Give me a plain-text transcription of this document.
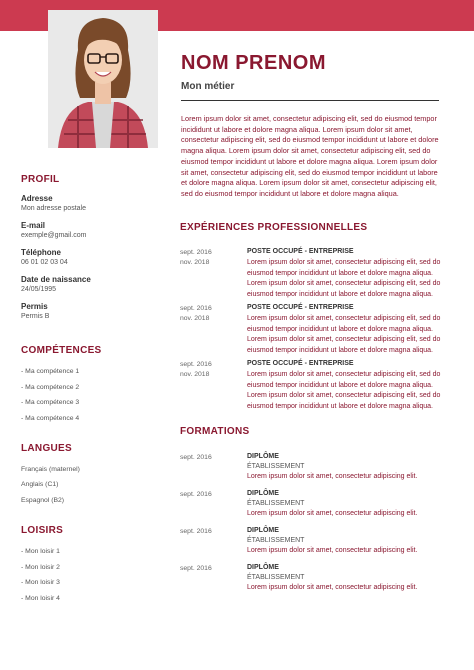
NOM PRENOM
Mon métier
Lorem ipsum dolor sit amet, consectetur adipiscing elit, sed do eiusmod tempor incididunt ut labore et dolore magna aliqua. Lorem ipsum dolor sit amet, consectetur adipiscing elit, sed do eiusmod tempor incididunt ut labore et dolore magna aliqua. Lorem ipsum dolor sit amet, consectetur adipiscing elit, sed do eiusmod tempor incididunt ut labore et dolore magna aliqua. Lorem ipsum dolor sit amet, consectetur adipiscing elit, sed do eiusmod tempor incididunt ut labore et dolore magna aliqua. Lorem ipsum dolor sit amet, consectetur adipiscing elit, sed do eiusmod tempor incididunt ut labore et dolore magna aliqua.
PROFIL
Adresse
Mon adresse postale
E-mail
exemple@gmail.com
Téléphone
06 01 02 03 04
Date de naissance
24/05/1995
Permis
Permis B
COMPÉTENCES
- Ma compétence 1
- Ma compétence 2
- Ma compétence 3
- Ma compétence 4
LANGUES
Français (maternel)
Anglais (C1)
Espagnol (B2)
LOISIRS
- Mon loisir 1
- Mon loisir 2
- Mon loisir 3
- Mon loisir 4
EXPÉRIENCES PROFESSIONNELLES
sept. 2016
nov. 2018
POSTE OCCUPÉ - ENTREPRISE
Lorem ipsum dolor sit amet, consectetur adipiscing elit, sed do eiusmod tempor incididunt ut labore et dolore magna aliqua. Lorem ipsum dolor sit amet, consectetur adipiscing elit, sed do eiusmod tempor incididunt ut labore et dolore magna aliqua.
sept. 2016
nov. 2018
POSTE OCCUPÉ - ENTREPRISE
Lorem ipsum dolor sit amet, consectetur adipiscing elit, sed do eiusmod tempor incididunt ut labore et dolore magna aliqua. Lorem ipsum dolor sit amet, consectetur adipiscing elit, sed do eiusmod tempor incididunt ut labore et dolore magna aliqua.
sept. 2016
nov. 2018
POSTE OCCUPÉ - ENTREPRISE
Lorem ipsum dolor sit amet, consectetur adipiscing elit, sed do eiusmod tempor incididunt ut labore et dolore magna aliqua. Lorem ipsum dolor sit amet, consectetur adipiscing elit, sed do eiusmod tempor incididunt ut labore et dolore magna aliqua.
FORMATIONS
sept. 2016	DIPLÔME
ÉTABLISSEMENT
Lorem ipsum dolor sit amet, consectetur adipiscing elit.
sept. 2016	DIPLÔME
ÉTABLISSEMENT
Lorem ipsum dolor sit amet, consectetur adipiscing elit.
sept. 2016	DIPLÔME
ÉTABLISSEMENT
Lorem ipsum dolor sit amet, consectetur adipiscing elit.
sept. 2016	DIPLÔME
ÉTABLISSEMENT
Lorem ipsum dolor sit amet, consectetur adipiscing elit.
